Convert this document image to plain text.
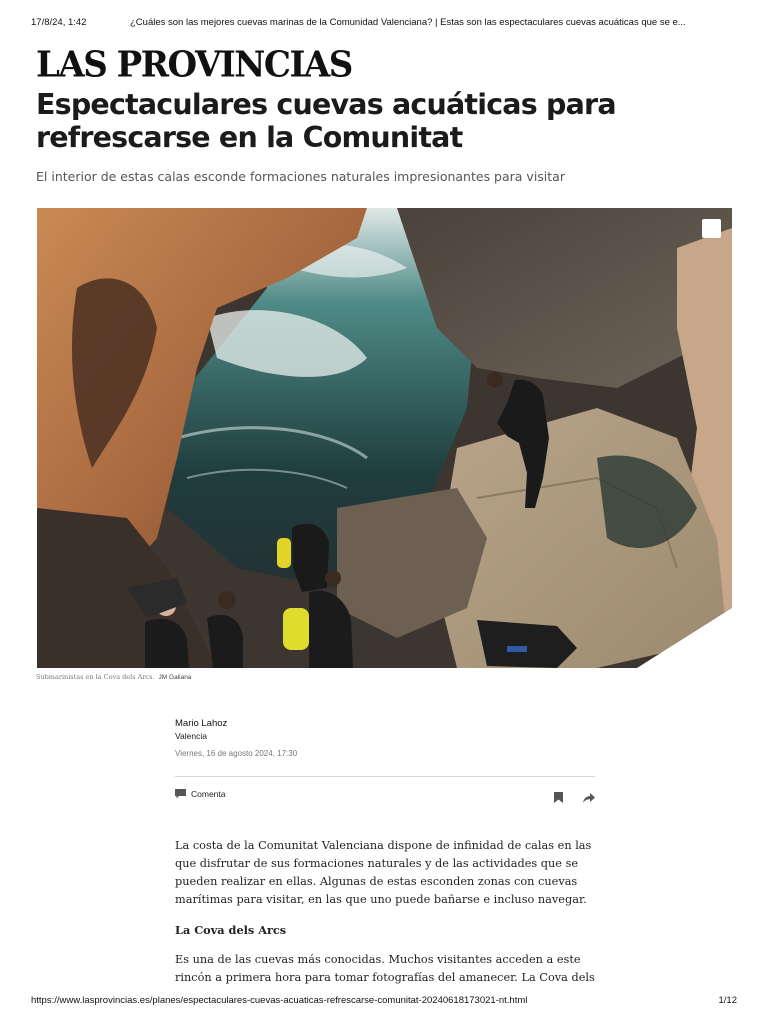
17/8/24, 1:42	¿Cuáles son las mejores cuevas marinas de la Comunidad Valenciana? | Estas son las espectaculares cuevas acuáticas que se e...
LAS PROVINCIAS
Espectaculares cuevas acuáticas para refrescarse en la Comunitat
El interior de estas calas esconde formaciones naturales impresionantes para visitar
Submarinistas en la Cova dels Arcs. JM Galiana
Mario Lahoz
Valencia
Viernes, 16 de agosto 2024, 17:30
Comenta

La costa de la Comunitat Valenciana dispone de infinidad de calas en las que disfrutar de sus formaciones naturales y de las actividades que se pueden realizar en ellas. Algunas de estas esconden zonas con cuevas marítimas para visitar, en las que uno puede bañarse e incluso navegar.

La Cova dels Arcs

Es una de las cuevas más conocidas. Muchos visitantes acceden a este rincón a primera hora para tomar fotografías del amanecer. La Cova dels

https://www.lasprovincias.es/planes/espectaculares-cuevas-acuaticas-refrescarse-comunitat-20240618173021-nt.html	1/12
